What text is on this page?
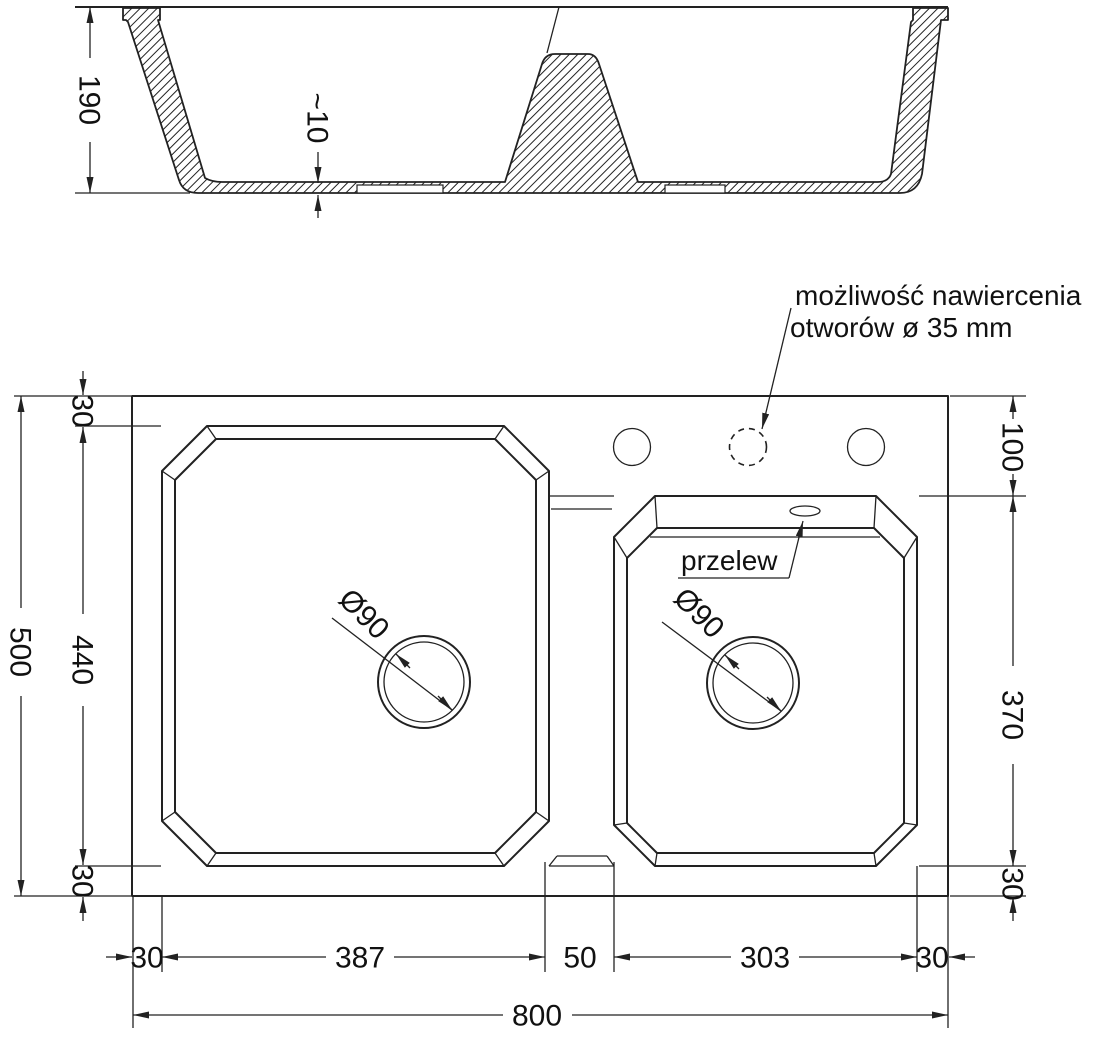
190	~10
Ø90	Ø90
możliwość nawiercenia
otworów ø 35 mm
przelew
500
30
440
30
100
370
30
30	387	50	303	30
800
